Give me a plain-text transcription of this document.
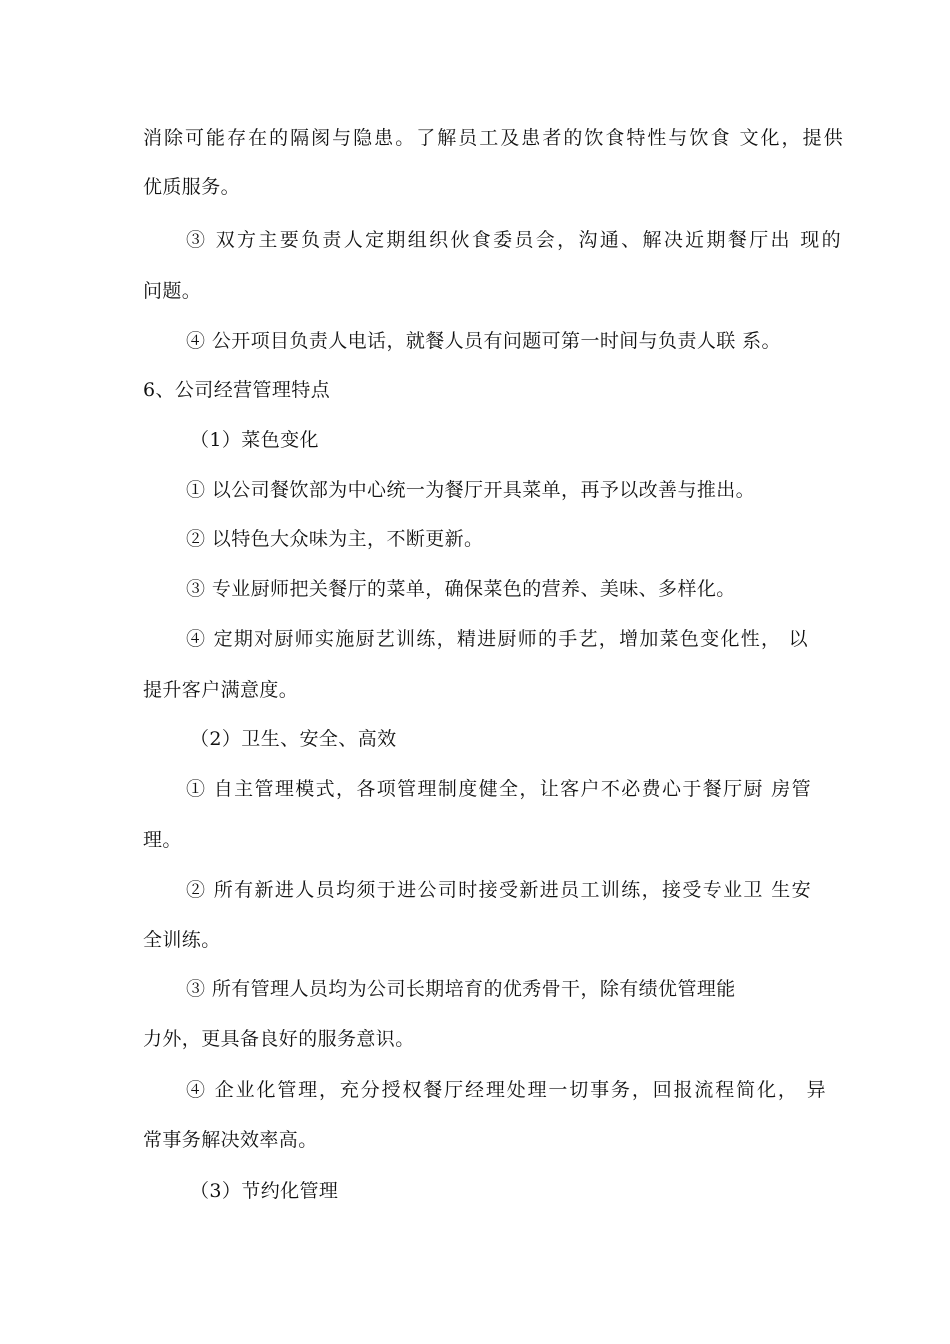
消除可能存在的隔阂与隐患。了解员工及患者的饮食特性与饮食 文化，提供
优质服务。
③ 双方主要负责人定期组织伙食委员会，沟通、解决近期餐厅出 现的
问题。
④ 公开项目负责人电话，就餐人员有问题可第一时间与负责人联 系。
6、公司经营管理特点
（1）菜色变化
① 以公司餐饮部为中心统一为餐厅开具菜单，再予以改善与推出。
② 以特色大众味为主，不断更新。
③ 专业厨师把关餐厅的菜单，确保菜色的营养、美味、多样化。
④ 定期对厨师实施厨艺训练，精进厨师的手艺，增加菜色变化性， 以
提升客户满意度。
（2）卫生、安全、高效
① 自主管理模式，各项管理制度健全，让客户不必费心于餐厅厨 房管
理。
② 所有新进人员均须于进公司时接受新进员工训练，接受专业卫 生安
全训练。
③ 所有管理人员均为公司长期培育的优秀骨干，除有绩优管理能
力外，更具备良好的服务意识。
④ 企业化管理，充分授权餐厅经理处理一切事务，回报流程简化， 异
常事务解决效率高。
（3）节约化管理
